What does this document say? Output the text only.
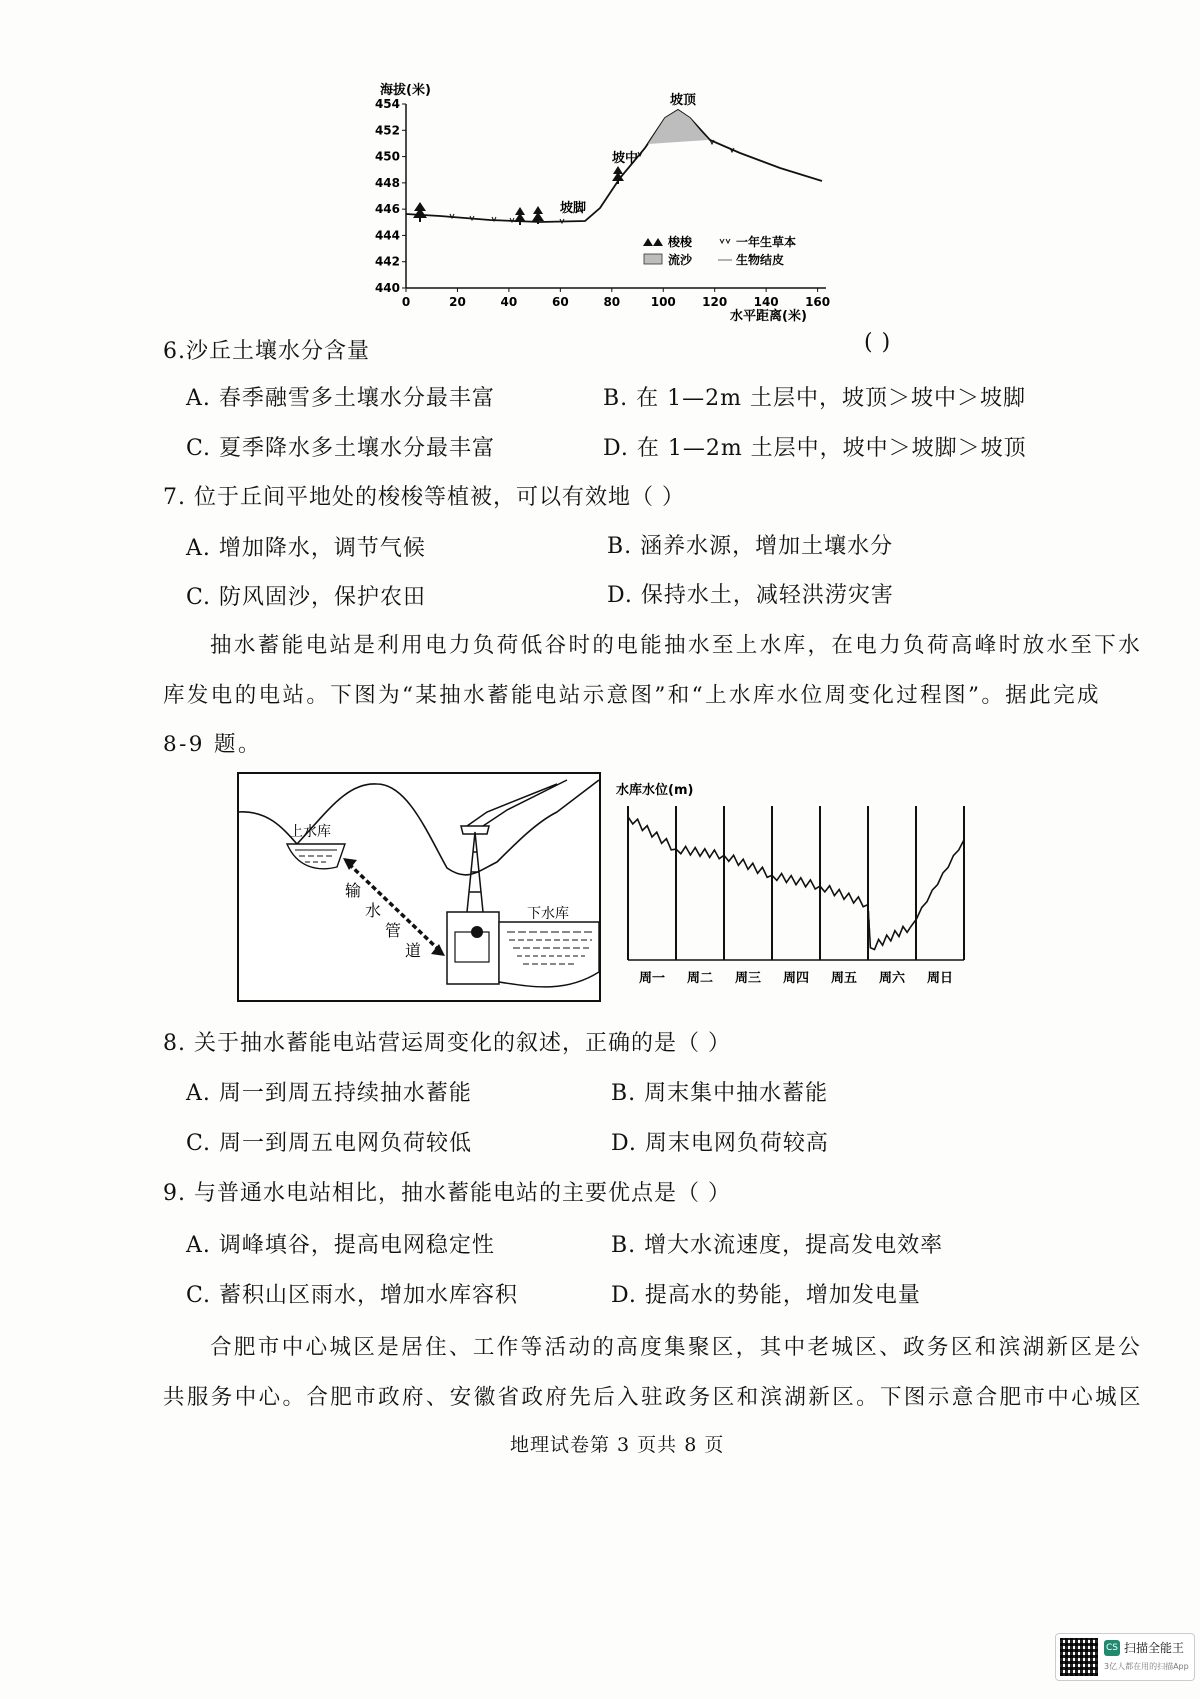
海拔(米)
440
442
444
446
448
450
452
454
0	20	40	60	80	100 120 140 160
坡顶
坡中
坡脚
梭梭	一年生草本
流沙	生物结皮
水平距离(米)
6.沙丘土壤水分含量	( )
A. 春季融雪多土壤水分最丰富	B. 在 1—2m 土层中，坡顶＞坡中＞坡脚
C. 夏季降水多土壤水分最丰富	D. 在 1—2m 土层中，坡中＞坡脚＞坡顶
7. 位于丘间平地处的梭梭等植被，可以有效地（ ）
A. 增加降水，调节气候	B. 涵养水源，增加土壤水分
C. 防风固沙，保护农田	D. 保持水土，减轻洪涝灾害
抽水蓄能电站是利用电力负荷低谷时的电能抽水至上水库，在电力负荷高峰时放水至下水
库发电的电站。下图为“某抽水蓄能电站示意图”和“上水库水位周变化过程图”。据此完成
8-9 题。
上水库
输
水
管
道
下水库
水库水位(m)
周一 周二 周三 周四 周五 周六 周日
8. 关于抽水蓄能电站营运周变化的叙述，正确的是（ ）
A. 周一到周五持续抽水蓄能	B. 周末集中抽水蓄能
C. 周一到周五电网负荷较低	D. 周末电网负荷较高
9. 与普通水电站相比，抽水蓄能电站的主要优点是（ ）
A. 调峰填谷，提高电网稳定性	B. 增大水流速度，提高发电效率
C. 蓄积山区雨水，增加水库容积	D. 提高水的势能，增加发电量
合肥市中心城区是居住、工作等活动的高度集聚区，其中老城区、政务区和滨湖新区是公
共服务中心。合肥市政府、安徽省政府先后入驻政务区和滨湖新区。下图示意合肥市中心城区
地理试卷第 3 页共 8 页
CS 扫描全能王
3亿人都在用的扫描App
